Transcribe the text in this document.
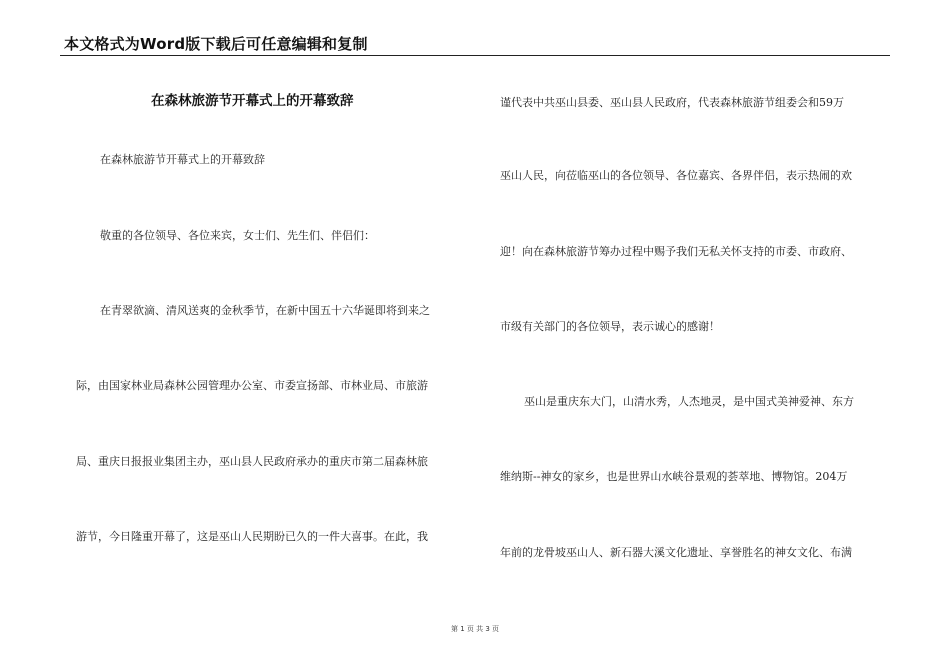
本文格式为Word版下载后可任意编辑和复制
在森林旅游节开幕式上的开幕致辞
在森林旅游节开幕式上的开幕致辞
敬重的各位领导、各位来宾，女士们、先生们、伴侣们：
在青翠欲滴、清风送爽的金秋季节，在新中国五十六华诞即将到来之
际，由国家林业局森林公园管理办公室、市委宣扬部、市林业局、市旅游
局、重庆日报报业集团主办，巫山县人民政府承办的重庆市第二届森林旅
游节，今日隆重开幕了，这是巫山人民期盼已久的一件大喜事。在此，我
谨代表中共巫山县委、巫山县人民政府，代表森林旅游节组委会和59万
巫山人民，向莅临巫山的各位领导、各位嘉宾、各界伴侣，表示热闹的欢
迎！向在森林旅游节筹办过程中赐予我们无私关怀支持的市委、市政府、
市级有关部门的各位领导，表示诚心的感谢！
巫山是重庆东大门，山清水秀，人杰地灵，是中国式美神爱神、东方
维纳斯--神女的家乡，也是世界山水峡谷景观的荟萃地、博物馆。204万
年前的龙骨坡巫山人、新石器大溪文化遗址、享誉胜名的神女文化、布满
第 1 页 共 3 页
